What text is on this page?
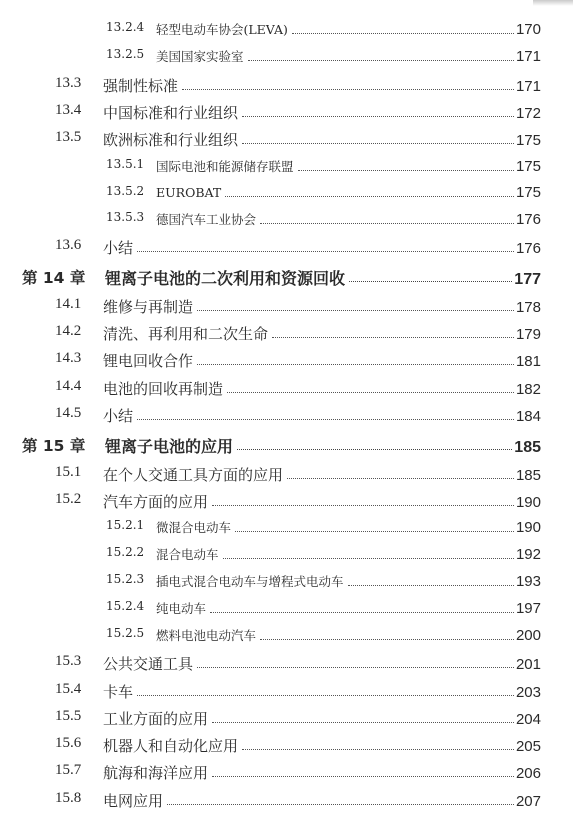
13.2.4 轻型电动车协会(LEVA)	170
13.2.5 美国国家实验室	171
13.3 强制性标准	171
13.4 中国标准和行业组织	172
13.5 欧洲标准和行业组织	175
13.5.1 国际电池和能源储存联盟	175
13.5.2 EUROBAT	175
13.5.3 德国汽车工业协会	176
13.6 小结	176
第 14 章 锂离子电池的二次利用和资源回收	177
14.1 维修与再制造	178
14.2 清洗、再利用和二次生命	179
14.3 锂电回收合作	181
14.4 电池的回收再制造	182
14.5 小结	184
第 15 章 锂离子电池的应用	185
15.1 在个人交通工具方面的应用	185
15.2 汽车方面的应用	190
15.2.1 微混合电动车	190
15.2.2 混合电动车	192
15.2.3 插电式混合电动车与增程式电动车	193
15.2.4 纯电动车	197
15.2.5 燃料电池电动汽车	200
15.3 公共交通工具	201
15.4 卡车	203
15.5 工业方面的应用	204
15.6 机器人和自动化应用	205
15.7 航海和海洋应用	206
15.8 电网应用	207
